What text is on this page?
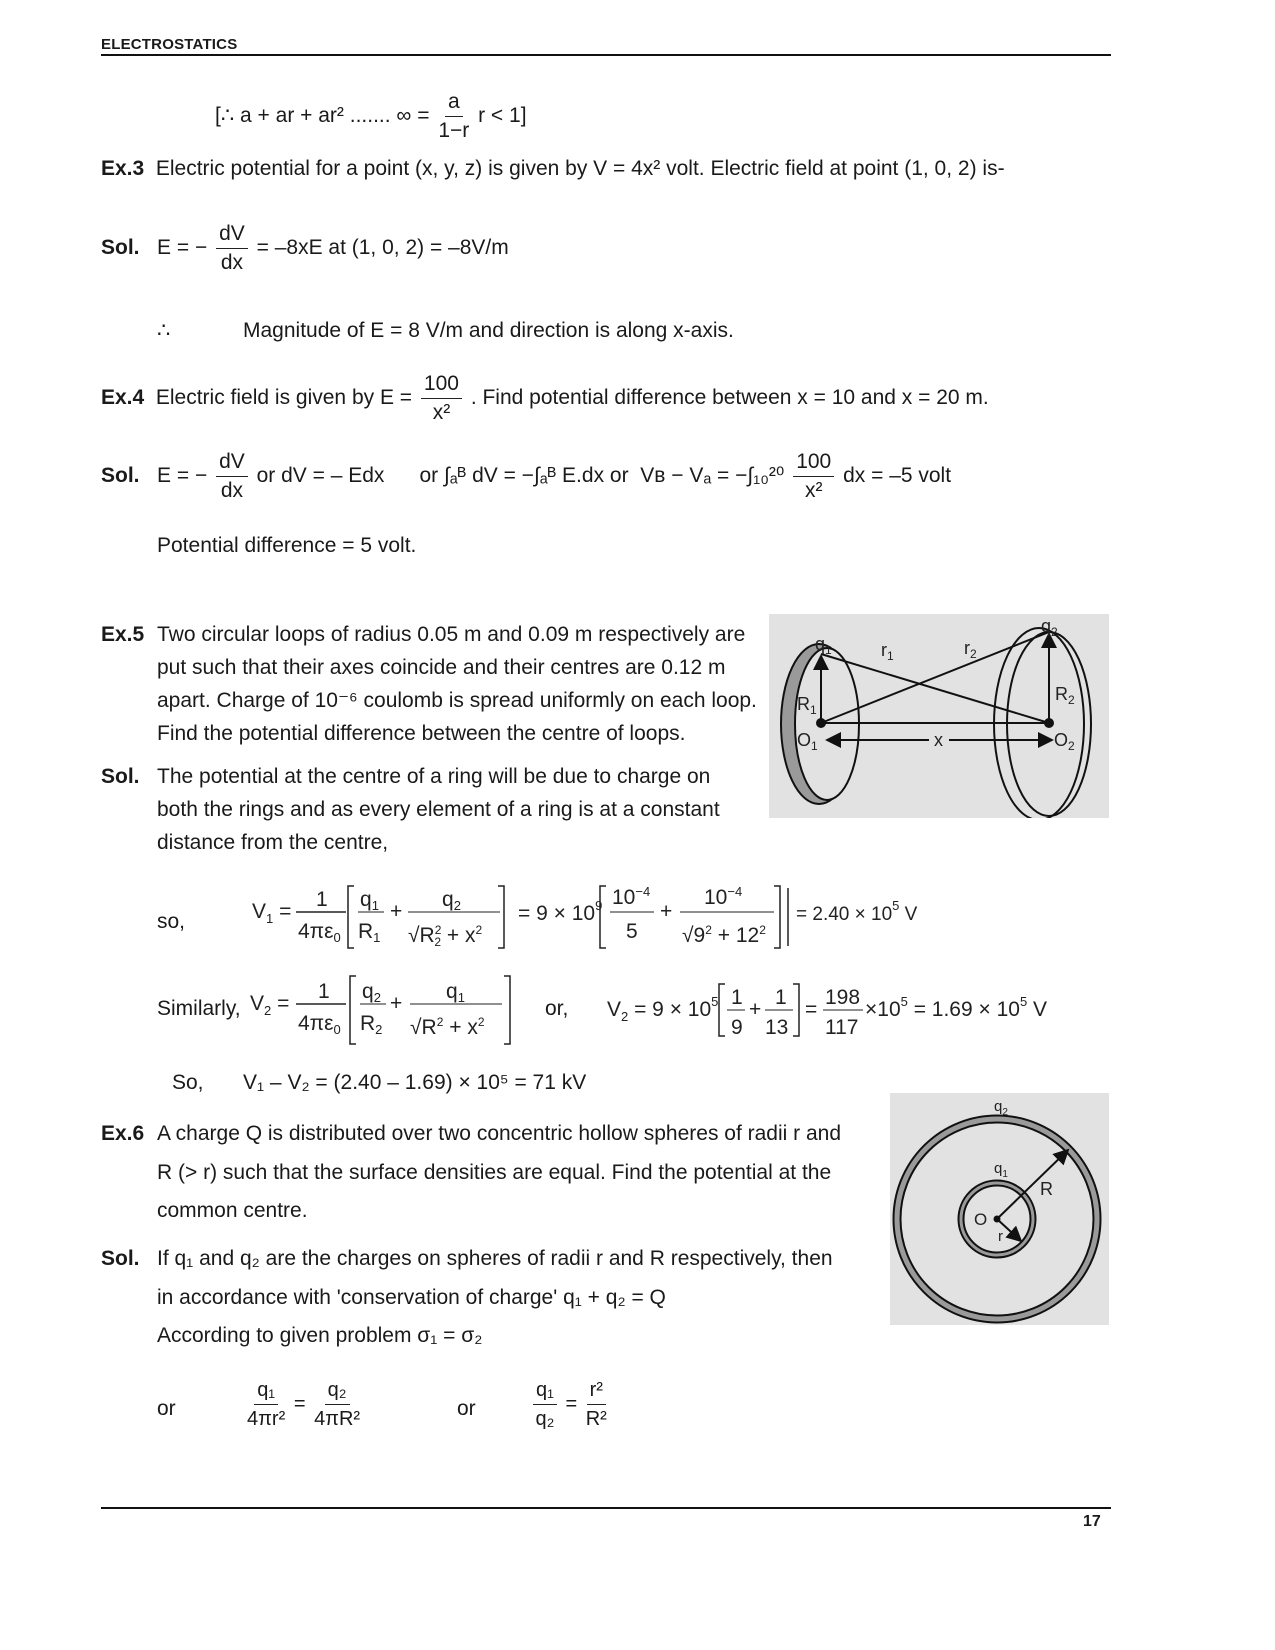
ELECTROSTATICS
[∴ a + ar + ar² ....... ∞ = $\frac{a}{1-r}$ r < 1]
Ex.3 Electric potential for a point (x, y, z) is given by V = 4x² volt. Electric field at point (1, 0, 2) is-
Sol. E = − $\frac{dV}{dx} = -8xE$ at (1, 0, 2) = –8V/m
∴	Magnitude of E = 8 V/m and direction is along x-axis.
Ex.4 Electric field is given by $E = \frac{100}{\text{x²}}$ . Find potential difference between x = 10 and x = 20 m.
Sol. E = − $\frac{dV}{dx}$ or dV = – Edx or ∫ₐᴮ dV = −∫ₐᴮ E.dx or Vʙ − $V_a = -\int_{10}^{20} \frac{100}{\text{x²}}$ dx = –5 volt
Potential difference = 5 volt.
Ex.5 Two circular loops of radius 0.05 m and 0.09 m respectively are
put such that their axes coincide and their centres are 0.12 m
apart. Charge of 10⁻⁶ coulomb is spread uniformly on each loop.
Find the potential difference between the centre of loops.
Sol. The potential at the centre of a ring will be due to charge on
both the rings and as every element of a ring is at a constant
distance from the centre,
$q_1$	$r_1$	$r_2$
$q_2$
$R_1$
$R_2$
$O_1$	x	$O_2$
so,	$V_1$ =
1
4πε0
q1
R1
+
q2
$√R^2$ $2 + x^2$
= $9 \times 10^9$ $10^{-4}$
5
+
$10^{-4}$
$√9^2 + 12^2$
= $2.40 \times 10^5$ V
Similarly, $V_2$ =
1
4πε0
q2
R2
+
q1
$√R^2 + x^2$
or, $V_2 = 9 \times 10^5$ 1
9
+
1
13
=
198
117
$\times 10^5 = 1.69 \times 10^5$ V
So, V₁ – V₂ = (2.40 – 1.69) × 10⁵ = 71 kV
Ex.6 A charge Q is distributed over two concentric hollow spheres of radii r and
R (> r) such that the surface densities are equal. Find the potential at the
common centre.
Sol. If q₁ and q₂ are the charges on spheres of radii r and R respectively, then
in accordance with 'conservation of charge' q₁ + q₂ = Q
According to given problem σ₁ = σ₂
$q_2$
$q_1$
R
O
r
or	$\frac{\text{q₁}}{\text{4πr²}} = \frac{\text{q₂}}{\text{4πR²}}$	or	$\frac{\text{q₁}}{\text{q₂}} = \frac{\text{r²}}{\text{R²}}$
17
